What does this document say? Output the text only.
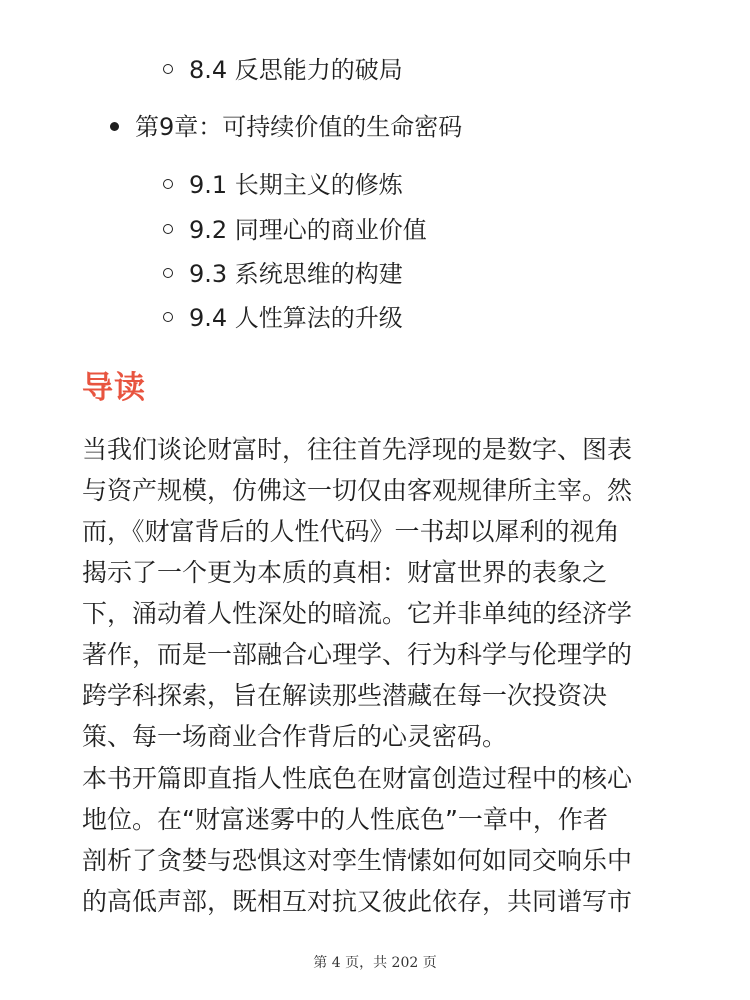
8.4 反思能力的破局
第9章：可持续价值的生命密码
9.1 长期主义的修炼
9.2 同理心的商业价值
9.3 系统思维的构建
9.4 人性算法的升级
导读
当我们谈论财富时，往往首先浮现的是数字、图表
与资产规模，仿佛这一切仅由客观规律所主宰。然
而，《财富背后的人性代码》一书却以犀利的视角
揭示了一个更为本质的真相：财富世界的表象之
下，涌动着人性深处的暗流。它并非单纯的经济学
著作，而是一部融合心理学、行为科学与伦理学的
跨学科探索，旨在解读那些潜藏在每一次投资决
策、每一场商业合作背后的心灵密码。
本书开篇即直指人性底色在财富创造过程中的核心
地位。在“财富迷雾中的人性底色”一章中，作者
剖析了贪婪与恐惧这对孪生情愫如何如同交响乐中
的高低声部，既相互对抗又彼此依存，共同谱写市
第 4 页，共 202 页
